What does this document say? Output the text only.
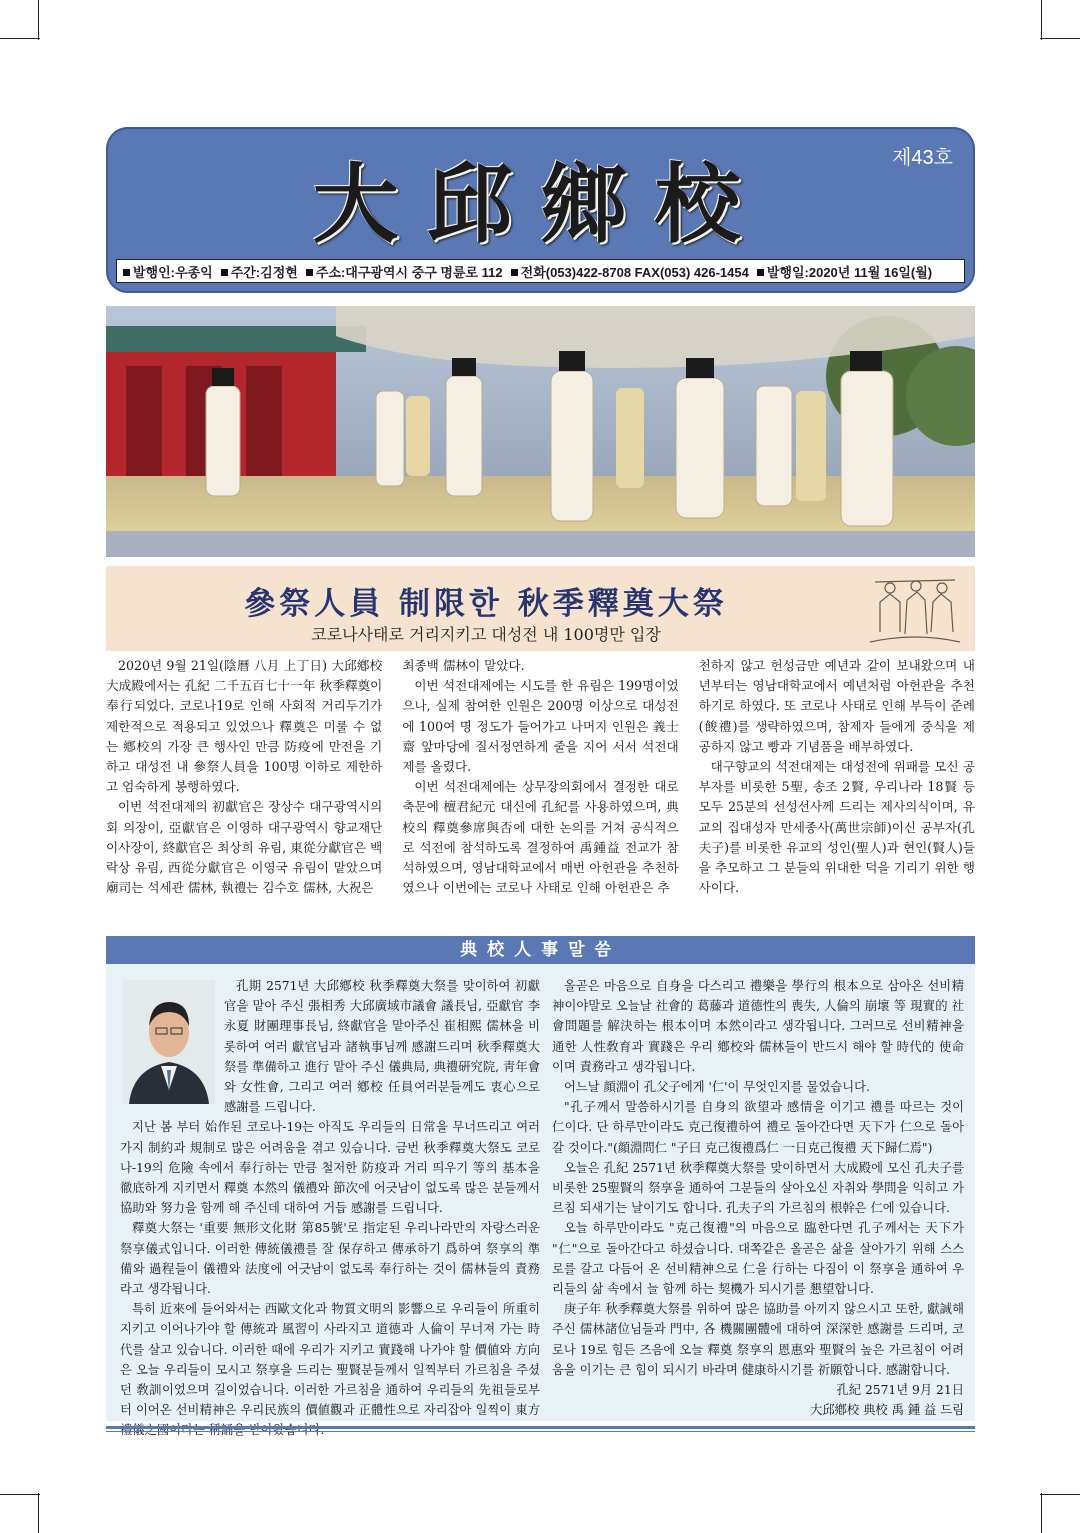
大邱鄉校	제43호
발행인:우종익	주간:김정현	주소:대구광역시 중구 명륜로 112	전화(053)422-8708 FAX(053) 426-1454	발행일:2020년 11월 16일(월)
參祭人員 制限한 秋季釋奠大祭
코로나사태로 거리지키고 대성전 내 100명만 입장

2020년 9월 21일(陰曆 八月 上丁日) 大邱鄕校 大成殿에서는 孔紀 二千五百七十一年 秋季釋奠이 奉行되었다. 코로나19로 인해 사회적 거리두기가 제한적으로 적용되고 있었으나 釋奠은 미룰 수 없는 鄕校의 가장 큰 행사인 만큼 防疫에 만전을 기하고 대성전 내 參祭人員을 100명 이하로 제한하고 엄숙하게 봉행하였다.

이번 석전대제의 初獻官은 장상수 대구광역시의회 의장이, 亞獻官은 이영하 대구광역시 향교재단 이사장이, 終獻官은 최상희 유림, 東從分獻官은 백락상 유림, 西從分獻官은 이영국 유림이 맡았으며 廟司는 석세관 儒林, 執禮는 김수호 儒林, 大祝은

최종백 儒林이 맡았다.

이번 석전대제에는 시도를 한 유림은 199명이었으나, 실제 참여한 인원은 200명 이상으로 대성전에 100여 명 정도가 들어가고 나머지 인원은 義士齋 앞마당에 질서정연하게 줄을 지어 서서 석전대제를 올렸다.

이번 석전대제에는 상무장의회에서 결정한 대로 축문에 檀君紀元 대신에 孔紀를 사용하였으며, 典校의 釋奠參席與否에 대한 논의를 거쳐 공식적으로 석전에 참석하도록 결정하여 禹鍾益 전교가 참석하였으며, 영남대학교에서 매번 아헌관을 추천하였으나 이번에는 코로나 사태로 인해 아헌관은 추

천하지 않고 헌성금만 예년과 같이 보내왔으며 내년부터는 영남대학교에서 예년처럼 아헌관을 추천하기로 하였다. 또 코로나 사태로 인해 부득이 준례(餕禮)를 생략하였으며, 참제자 들에게 중식을 제공하지 않고 빵과 기념품을 배부하였다.

대구향교의 석전대제는 대성전에 위패를 모신 공부자를 비롯한 5聖, 송조 2賢, 우리나라 18賢 등 모두 25분의 선성선사께 드리는 제사의식이며, 유교의 집대성자 만세종사(萬世宗師)이신 공부자(孔夫子)를 비롯한 유교의 성인(聖人)과 현인(賢人)들을 추모하고 그 분들의 위대한 덕을 기리기 위한 행사이다.

典校人事말씀

孔期 2571년 大邱鄕校 秋季釋奠大祭를 맞이하여 初獻官을 맡아 주신 張相秀 大邱廣域市議會 議長님, 亞獻官 李永夏 財團理事長님, 終獻官을 맡아주신 崔相熙 儒林을 비롯하여 여러 獻官님과 諸執事님께 感謝드리며 秋季釋奠大祭를 準備하고 進行 맡아 주신 儀典局, 典禮硏究院, 靑年會와 女性會, 그리고 여러 鄕校 任員여러분들께도 衷心으로 感謝를 드립니다.

지난 봄 부터 始作된 코로나-19는 아직도 우리들의 日常을 무너뜨리고 여러가지 制約과 規制로 많은 어려움을 겪고 있습니다. 금번 秋季釋奠大祭도 코로나-19의 危險 속에서 奉行하는 만큼 철저한 防疫과 거리 띄우기 等의 基本을 徹底하게 지키면서 釋奠 本然의 儀禮와 節次에 어긋남이 없도록 많은 분들께서 協助와 努力을 함께 해 주신데 대하여 거듭 感謝를 드립니다.

釋奠大祭는 '重要 無形文化財 第85號'로 指定된 우리나라만의 자랑스러운 祭享儀式입니다. 이러한 傳統儀禮를 잘 保存하고 傳承하기 爲하여 祭享의 準備와 過程들이 儀禮와 法度에 어긋남이 없도록 奉行하는 것이 儒林들의 責務라고 생각됩니다.

특히 近來에 들어와서는 西歐文化과 物質文明의 影響으로 우리들이 所重히 지키고 이어나가야 할 傳統과 風習이 사라지고 道德과 人倫이 무너져 가는 時代를 살고 있습니다. 이러한 때에 우리가 지키고 實踐해 나가야 할 價値와 方向은 오늘 우리들이 모시고 祭享을 드리는 聖賢분들께서 일찍부터 가르침을 주셨던 敎訓이었으며 길이었습니다. 이러한 가르침을 通하여 우리들의 先祖들로부터 이어온 선비精神은 우리民族의 價値觀과 正體性으로 자리잡아 일찍이 東方

올곧은 마음으로 自身을 다스리고 禮樂을 學行의 根本으로 삼아온 선비精神이야말로 오늘날 社會的 葛藤과 道德性의 喪失, 人倫의 崩壞 等 現實的 社會問題를 解決하는 根本이며 本然이라고 생각됩니다. 그러므로 선비精神을 通한 人性敎育과 實踐은 우리 鄕校와 儒林들이 반드시 해야 할 時代的 使命이며 責務라고 생각됩니다.

어느날 顔淵이 孔父子에게 '仁'이 무엇인지를 물었습니다.

"孔子께서 말씀하시기를 自身의 欲望과 感情을 이기고 禮를 따르는 것이 仁이다. 단 하루만이라도 克己復禮하여 禮로 돌아간다면 天下가 仁으로 돌아 갈 것이다."(顔淵問仁 "子曰 克己復禮爲仁 一日克己復禮 天下歸仁焉")

오늘은 孔紀 2571년 秋季釋奠大祭를 맞이하면서 大成殿에 모신 孔夫子를 비롯한 25聖賢의 祭享을 通하여 그분들의 살아오신 자취와 學問을 익히고 가르침 되새기는 날이기도 합니다. 孔夫子의 가르침의 根幹은 仁에 있습니다.

오늘 하루만이라도 "克己復禮"의 마음으로 臨한다면 孔子께서는 天下가 "仁"으로 돌아간다고 하셨습니다. 대쪽같은 올곧은 삶을 살아가기 위해 스스로를 갈고 다듬어 온 선비精神으로 仁을 行하는 다짐이 이 祭享을 通하여 우리들의 삶 속에서 늘 함께 하는 契機가 되시기를 懇望합니다.

庚子年 秋季釋奠大祭를 위하여 많은 協助를 아끼지 않으시고 또한, 獻誠해 주신 儒林諸位님들과 門中, 各 機關團體에 대하여 深深한 感謝를 드리며, 코로나 19로 힘든 즈음에 오늘 釋奠 祭享의 恩惠와 聖賢의 높은 가르침이 어려움을 이기는 큰 힘이 되시기 바라며 健康하시기를 祈願합니다. 感謝합니다.

孔紀 2571년 9月 21日

大邱鄕校 典校 禹 鍾 益 드림
